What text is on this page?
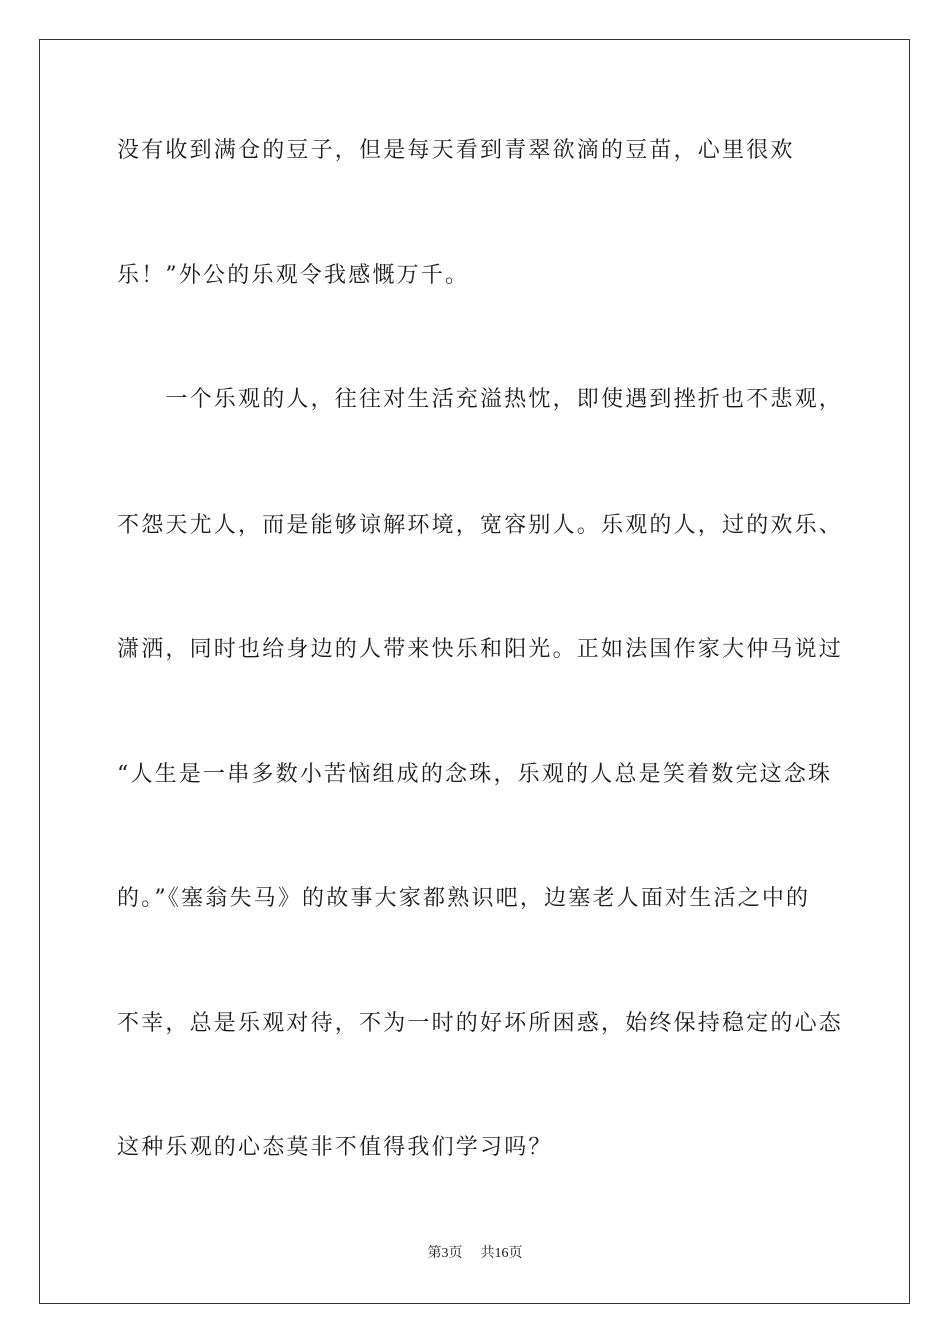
没有收到满仓的豆子，但是每天看到青翠欲滴的豆苗，心里很欢
乐！”外公的乐观令我感慨万千。
　　一个乐观的人，往往对生活充溢热忱，即使遇到挫折也不悲观，
不怨天尤人，而是能够谅解环境，宽容别人。乐观的人，过的欢乐、
潇洒，同时也给身边的人带来快乐和阳光。正如法国作家大仲马说过
“人生是一串多数小苦恼组成的念珠，乐观的人总是笑着数完这念珠
的。”《塞翁失马》的故事大家都熟识吧，边塞老人面对生活之中的
不幸，总是乐观对待，不为一时的好坏所困惑，始终保持稳定的心态
这种乐观的心态莫非不值得我们学习吗？
第3页 共16页
